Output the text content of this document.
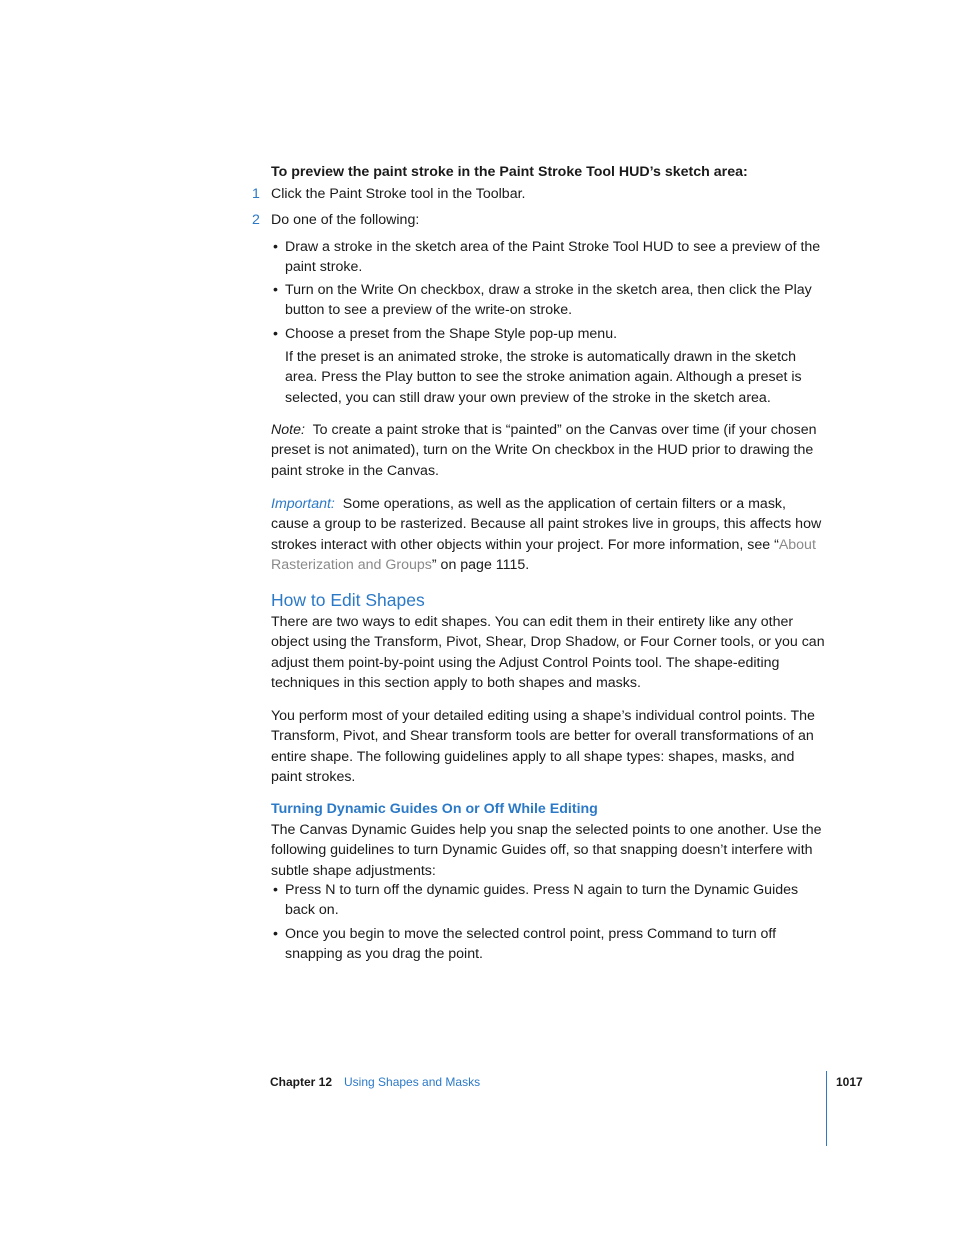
To preview the paint stroke in the Paint Stroke Tool HUD’s sketch area:

1 Click the Paint Stroke tool in the Toolbar.

2 Do one of the following:

• Draw a stroke in the sketch area of the Paint Stroke Tool HUD to see a preview of the paint stroke.

• Turn on the Write On checkbox, draw a stroke in the sketch area, then click the Play button to see a preview of the write-on stroke.

• Choose a preset from the Shape Style pop-up menu.

If the preset is an animated stroke, the stroke is automatically drawn in the sketch area. Press the Play button to see the stroke animation again. Although a preset is selected, you can still draw your own preview of the stroke in the sketch area.

Note: To create a paint stroke that is “painted” on the Canvas over time (if your chosen preset is not animated), turn on the Write On checkbox in the HUD prior to drawing the paint stroke in the Canvas.

Important: Some operations, as well as the application of certain filters or a mask, cause a group to be rasterized. Because all paint strokes live in groups, this affects how strokes interact with other objects within your project. For more information, see “About Rasterization and Groups” on page 1115.

How to Edit Shapes

There are two ways to edit shapes. You can edit them in their entirety like any other object using the Transform, Pivot, Shear, Drop Shadow, or Four Corner tools, or you can adjust them point-by-point using the Adjust Control Points tool. The shape-editing techniques in this section apply to both shapes and masks.

You perform most of your detailed editing using a shape’s individual control points. The Transform, Pivot, and Shear transform tools are better for overall transformations of an entire shape. The following guidelines apply to all shape types: shapes, masks, and paint strokes.

Turning Dynamic Guides On or Off While Editing

The Canvas Dynamic Guides help you snap the selected points to one another. Use the following guidelines to turn Dynamic Guides off, so that snapping doesn’t interfere with subtle shape adjustments:

• Press N to turn off the dynamic guides. Press N again to turn the Dynamic Guides back on.

• Once you begin to move the selected control point, press Command to turn off snapping as you drag the point.

Chapter 12 Using Shapes and Masks	1017
